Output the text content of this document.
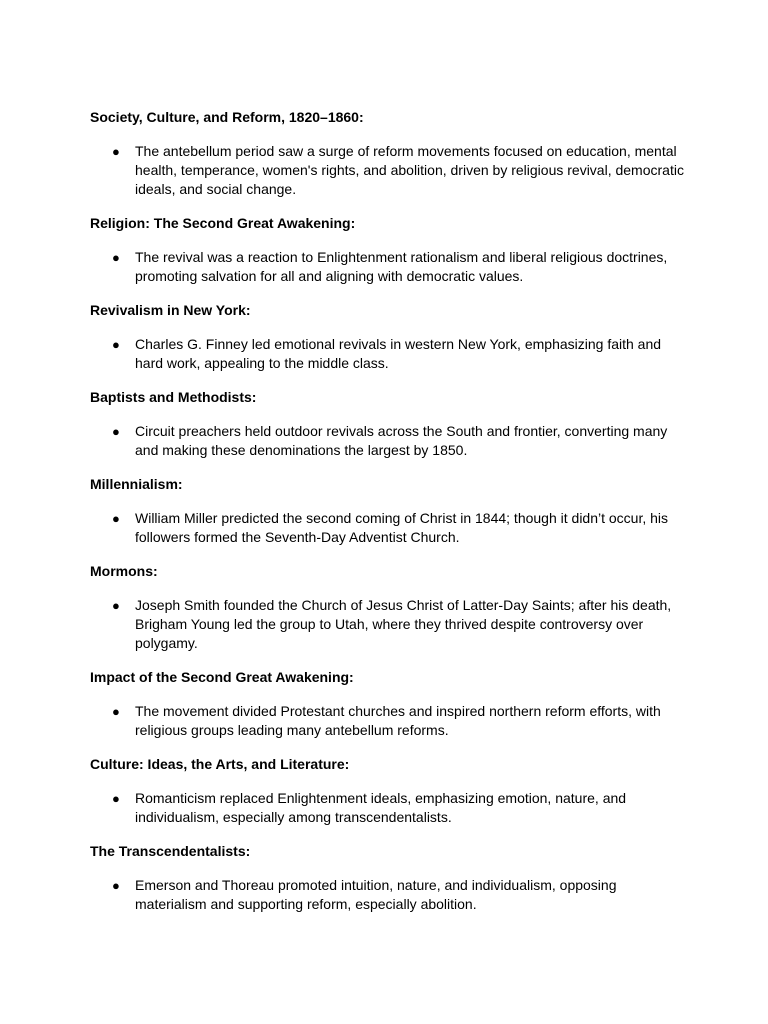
Society, Culture, and Reform, 1820–1860:

● The antebellum period saw a surge of reform movements focused on education, mental health, temperance, women's rights, and abolition, driven by religious revival, democratic ideals, and social change.

Religion: The Second Great Awakening:

● The revival was a reaction to Enlightenment rationalism and liberal religious doctrines, promoting salvation for all and aligning with democratic values.

Revivalism in New York:

● Charles G. Finney led emotional revivals in western New York, emphasizing faith and hard work, appealing to the middle class.

Baptists and Methodists:

● Circuit preachers held outdoor revivals across the South and frontier, converting many and making these denominations the largest by 1850.

Millennialism:

● William Miller predicted the second coming of Christ in 1844; though it didn’t occur, his followers formed the Seventh-Day Adventist Church.

Mormons:

● Joseph Smith founded the Church of Jesus Christ of Latter-Day Saints; after his death, Brigham Young led the group to Utah, where they thrived despite controversy over polygamy.

Impact of the Second Great Awakening:

● The movement divided Protestant churches and inspired northern reform efforts, with religious groups leading many antebellum reforms.

Culture: Ideas, the Arts, and Literature:

● Romanticism replaced Enlightenment ideals, emphasizing emotion, nature, and individualism, especially among transcendentalists.

The Transcendentalists:

● Emerson and Thoreau promoted intuition, nature, and individualism, opposing materialism and supporting reform, especially abolition.
